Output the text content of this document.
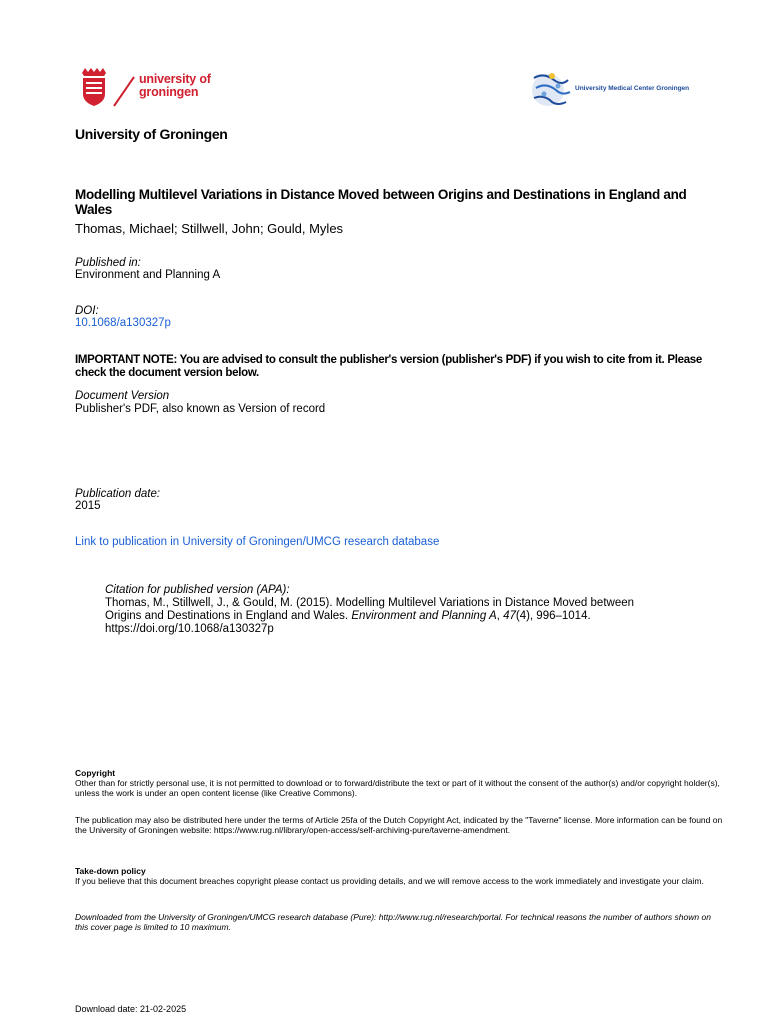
university of
groningen	University Medical Center Groningen
University of Groningen
Modelling Multilevel Variations in Distance Moved between Origins and Destinations in England and Wales
Thomas, Michael; Stillwell, John; Gould, Myles
Published in:
Environment and Planning A
DOI:
10.1068/a130327p
IMPORTANT NOTE: You are advised to consult the publisher's version (publisher's PDF) if you wish to cite from it. Please check the document version below.
Document Version
Publisher's PDF, also known as Version of record
Publication date:
2015
Link to publication in University of Groningen/UMCG research database
Citation for published version (APA):
Thomas, M., Stillwell, J., & Gould, M. (2015). Modelling Multilevel Variations in Distance Moved between
Origins and Destinations in England and Wales. Environment and Planning A, 47(4), 996–1014.
https://doi.org/10.1068/a130327p
Copyright
Other than for strictly personal use, it is not permitted to download or to forward/distribute the text or part of it without the consent of the author(s) and/or copyright holder(s), unless the work is under an open content license (like Creative Commons).
The publication may also be distributed here under the terms of Article 25fa of the Dutch Copyright Act, indicated by the "Taverne" license. More information can be found on the University of Groningen website: https://www.rug.nl/library/open-access/self-archiving-pure/taverne-amendment.
Take-down policy
If you believe that this document breaches copyright please contact us providing details, and we will remove access to the work immediately and investigate your claim.
Downloaded from the University of Groningen/UMCG research database (Pure): http://www.rug.nl/research/portal. For technical reasons the number of authors shown on this cover page is limited to 10 maximum.
Download date: 21-02-2025
